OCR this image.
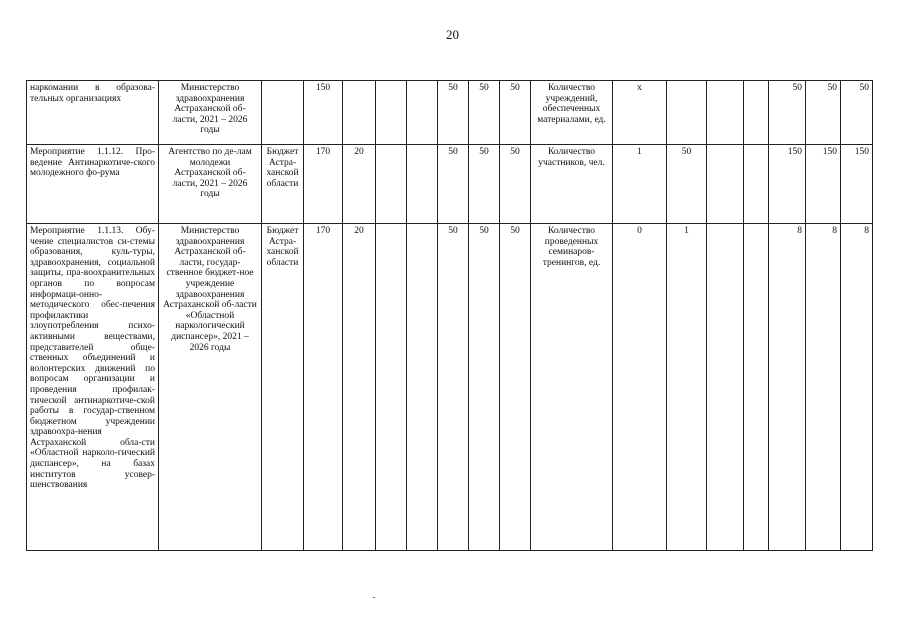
20
наркомании в образова-тельных организациях	Министерство здравоохранения Астраханской об-ласти, 2021 – 2026 годы		150				50	50	50	Количество учреждений, обеспеченных материалами, ед.	х				50	50	50
Мероприятие 1.1.12. Про-ведение Антинаркотиче-ского молодежного фо-рума	Агентство по де-лам молодежи Астраханской об-ласти, 2021 – 2026 годы	Бюджет Астра-ханской области	170	20			50	50	50	Количество участников, чел.	1	50			150	150	150
Мероприятие 1.1.13. Обу-чение специалистов си-стемы образования, куль-туры, здравоохранения, социальной защиты, пра-воохранительных органов по вопросам информаци-онно-методического обес-печения профилактики злоупотребления психо-активными веществами, представителей обще-ственных объединений и волонтерских движений по вопросам организации и проведения профилак-тической антинаркотиче-ской работы в государ-ственном бюджетном учреждении здравоохра-нения Астраханской обла-сти «Областной нарколо-гический диспансер», на базах институтов усовер-шенствования	Министерство здравоохранения Астраханской об-ласти, государ-ственное бюджет-ное учреждение здравоохранения Астраханской об-ласти «Областной наркологический диспансер», 2021 – 2026 годы	Бюджет Астра-ханской области	170	20			50	50	50	Количество проведенных семинаров-тренингов, ед.	0	1			8	8	8
